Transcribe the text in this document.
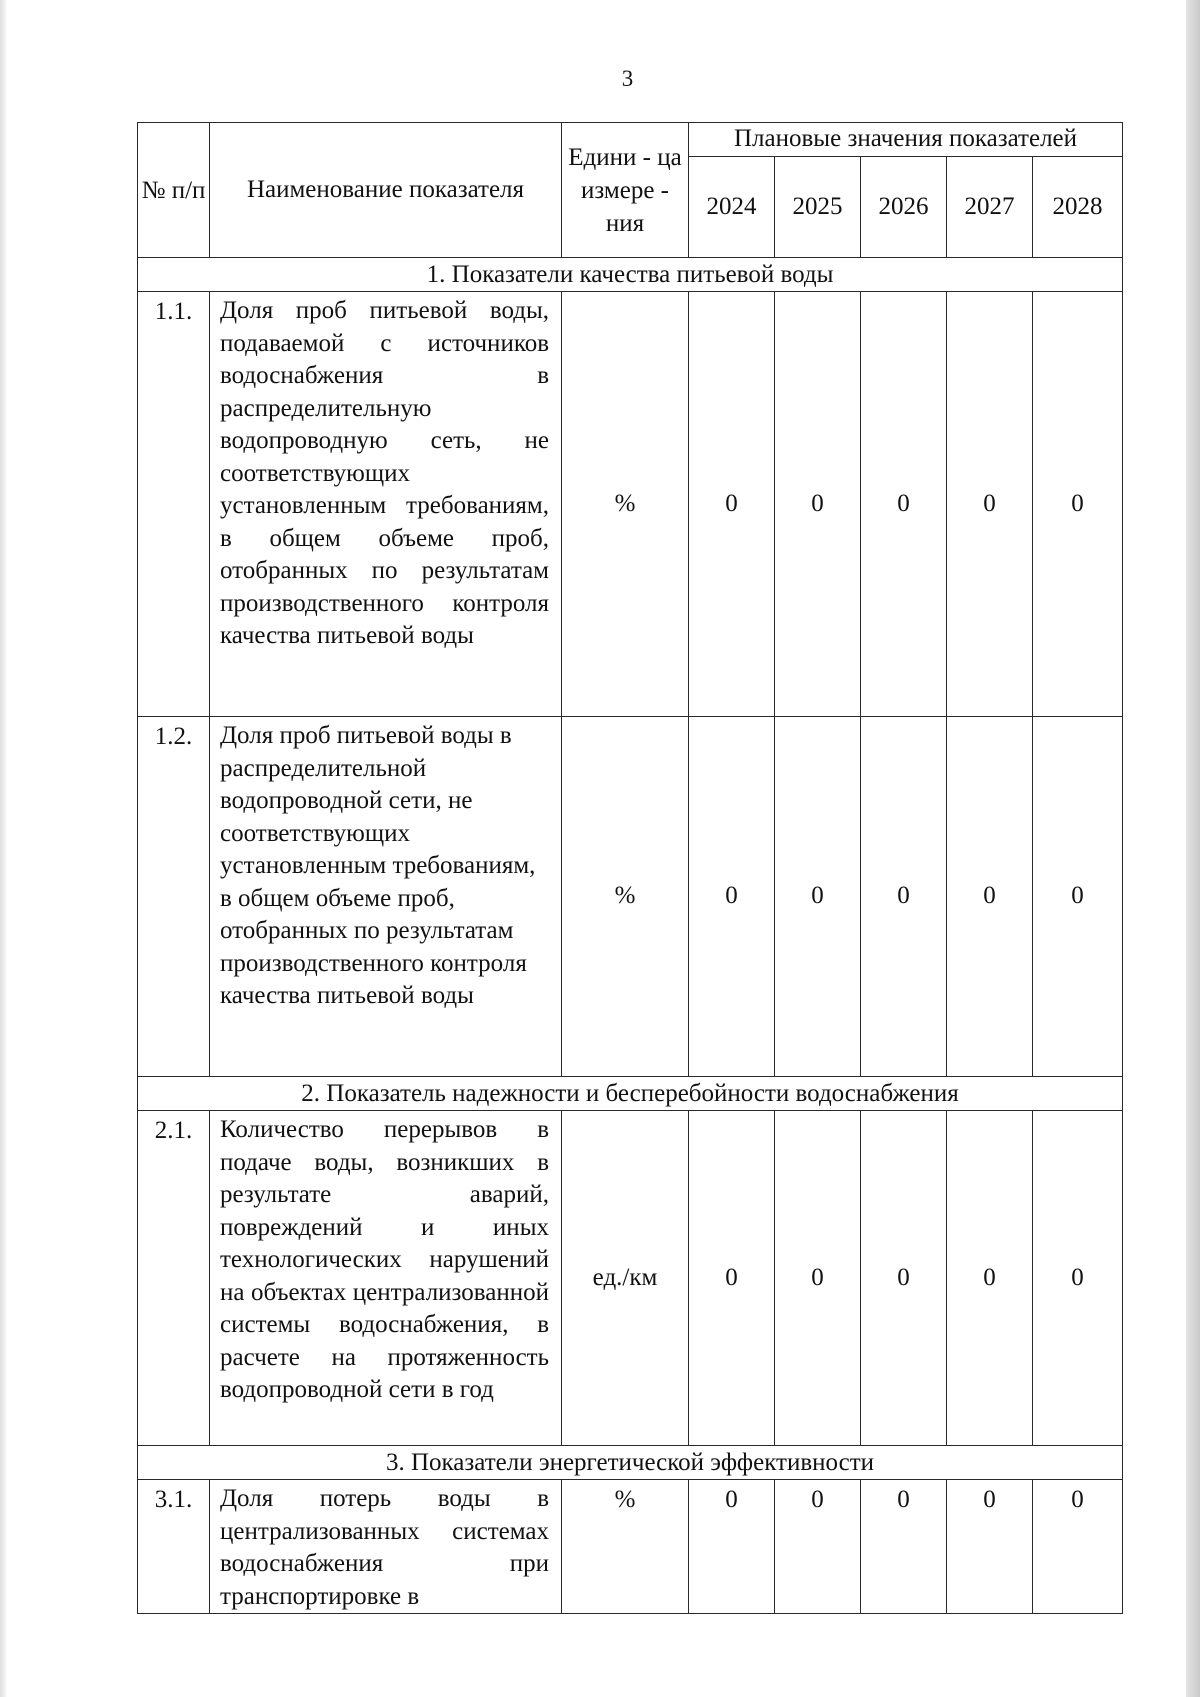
3
№ п/п	Наименование показателя	Едини - ца измере - ния	Плановые значения показателей				
			2024	2025	2026	2027	2028
1. Показатели качества питьевой воды							
1.1.	Доля проб питьевой воды, подаваемой с источников водоснабжения в распределительную водопроводную сеть, не соответствующих установленным требованиям, в общем объеме проб, отобранных по результатам производственного контроля качества питьевой воды	%	0	0	0	0	0
1.2.	Доля проб питьевой воды в распределительной водопроводной сети, не соответствующих установленным требованиям, в общем объеме проб, отобранных по результатам производственного контроля качества питьевой воды	%	0	0	0	0	0
2. Показатель надежности и бесперебойности водоснабжения							
2.1.	Количество перерывов в подаче воды, возникших в результате аварий, повреждений и иных технологических нарушений на объектах централизованной системы водоснабжения, в расчете на протяженность водопроводной сети в год	ед./км	0	0	0	0	0
3. Показатели энергетической эффективности							
3.1.	Доля потерь воды в централизованных системах водоснабжения при транспортировке в	%	0	0	0	0	0
